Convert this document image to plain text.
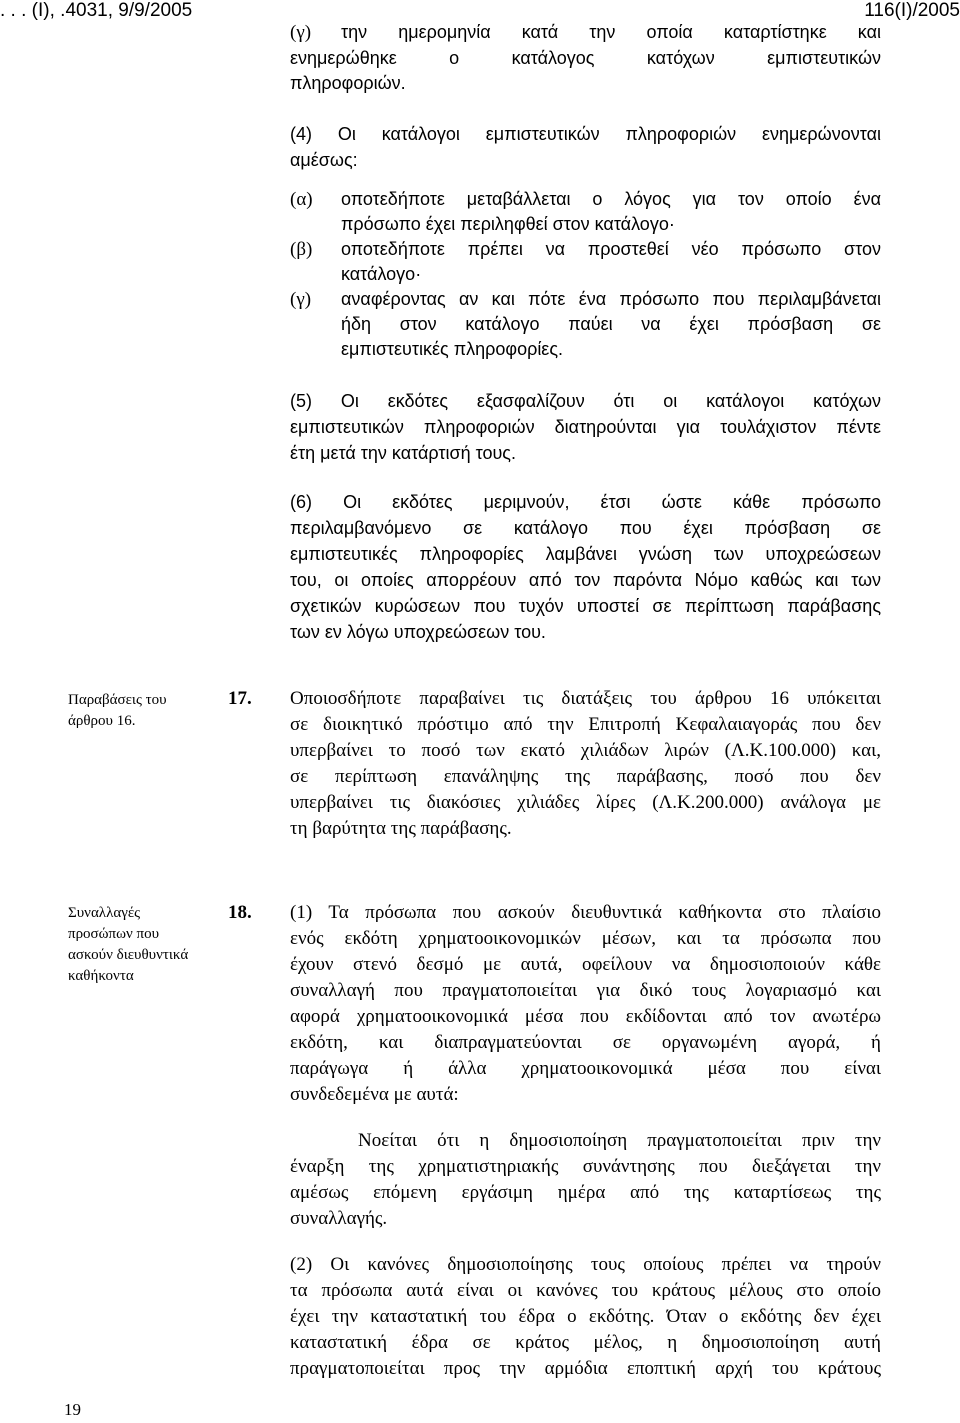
. . . (Ι), .4031, 9/9/2005	116(I)/2005
(γ) την ημερομηνία κατά την οποία καταρτίστηκε και
ενημερώθηκε ο κατάλογος κατόχων εμπιστευτικών
πληροφοριών.
(4) Οι κατάλογοι εμπιστευτικών πληροφοριών ενημερώνονται
αμέσως:
(α) οποτεδήποτε μεταβάλλεται ο λόγος για τον οποίο ένα
πρόσωπο έχει περιληφθεί στον κατάλογο·
(β) οποτεδήποτε πρέπει να προστεθεί νέο πρόσωπο στον
κατάλογο·
(γ) αναφέροντας αν και πότε ένα πρόσωπο που περιλαμβάνεται
ήδη στον κατάλογο παύει να έχει πρόσβαση σε
εμπιστευτικές πληροφορίες.
(5) Οι εκδότες εξασφαλίζουν ότι οι κατάλογοι κατόχων
εμπιστευτικών πληροφοριών διατηρούνται για τουλάχιστον πέντε
έτη μετά την κατάρτισή τους.
(6) Οι εκδότες μεριμνούν, έτσι ώστε κάθε πρόσωπο
περιλαμβανόμενο σε κατάλογο που έχει πρόσβαση σε
εμπιστευτικές πληροφορίες λαμβάνει γνώση των υποχρεώσεων
του, οι οποίες απορρέουν από τον παρόντα Νόμο καθώς και των
σχετικών κυρώσεων που τυχόν υποστεί σε περίπτωση παράβασης
των εν λόγω υποχρεώσεων του.
Παραβάσεις του
άρθρου 16.
17. Οποιοσδήποτε παραβαίνει τις διατάξεις του άρθρου 16 υπόκειται
σε διοικητικό πρόστιμο από την Επιτροπή Κεφαλαιαγοράς που δεν
υπερβαίνει το ποσό των εκατό χιλιάδων λιρών (Λ.Κ.100.000) και,
σε περίπτωση επανάληψης της παράβασης, ποσό που δεν
υπερβαίνει τις διακόσιες χιλιάδες λίρες (Λ.Κ.200.000) ανάλογα με
τη βαρύτητα της παράβασης.
Συναλλαγές
προσώπων που
ασκούν διευθυντικά
καθήκοντα
18. (1) Τα πρόσωπα που ασκούν διευθυντικά καθήκοντα στο πλαίσιο
ενός εκδότη χρηματοοικονομικών μέσων, και τα πρόσωπα που
έχουν στενό δεσμό με αυτά, οφείλουν να δημοσιοποιούν κάθε
συναλλαγή που πραγματοποιείται για δικό τους λογαριασμό και
αφορά χρηματοοικονομικά μέσα που εκδίδονται από τον ανωτέρω
εκδότη, και διαπραγματεύονται σε οργανωμένη αγορά, ή
παράγωγα ή άλλα χρηματοοικονομικά μέσα που είναι
συνδεδεμένα με αυτά:
Νοείται ότι η δημοσιοποίηση πραγματοποιείται πριν την
έναρξη της χρηματιστηριακής συνάντησης που διεξάγεται την
αμέσως επόμενη εργάσιμη ημέρα από της καταρτίσεως της
συναλλαγής.
(2) Οι κανόνες δημοσιοποίησης τους οποίους πρέπει να τηρούν
τα πρόσωπα αυτά είναι οι κανόνες του κράτους μέλους στο οποίο
έχει την καταστατική του έδρα ο εκδότης. Όταν ο εκδότης δεν έχει
καταστατική έδρα σε κράτος μέλος, η δημοσιοποίηση αυτή
πραγματοποιείται προς την αρμόδια εποπτική αρχή του κράτους
19
